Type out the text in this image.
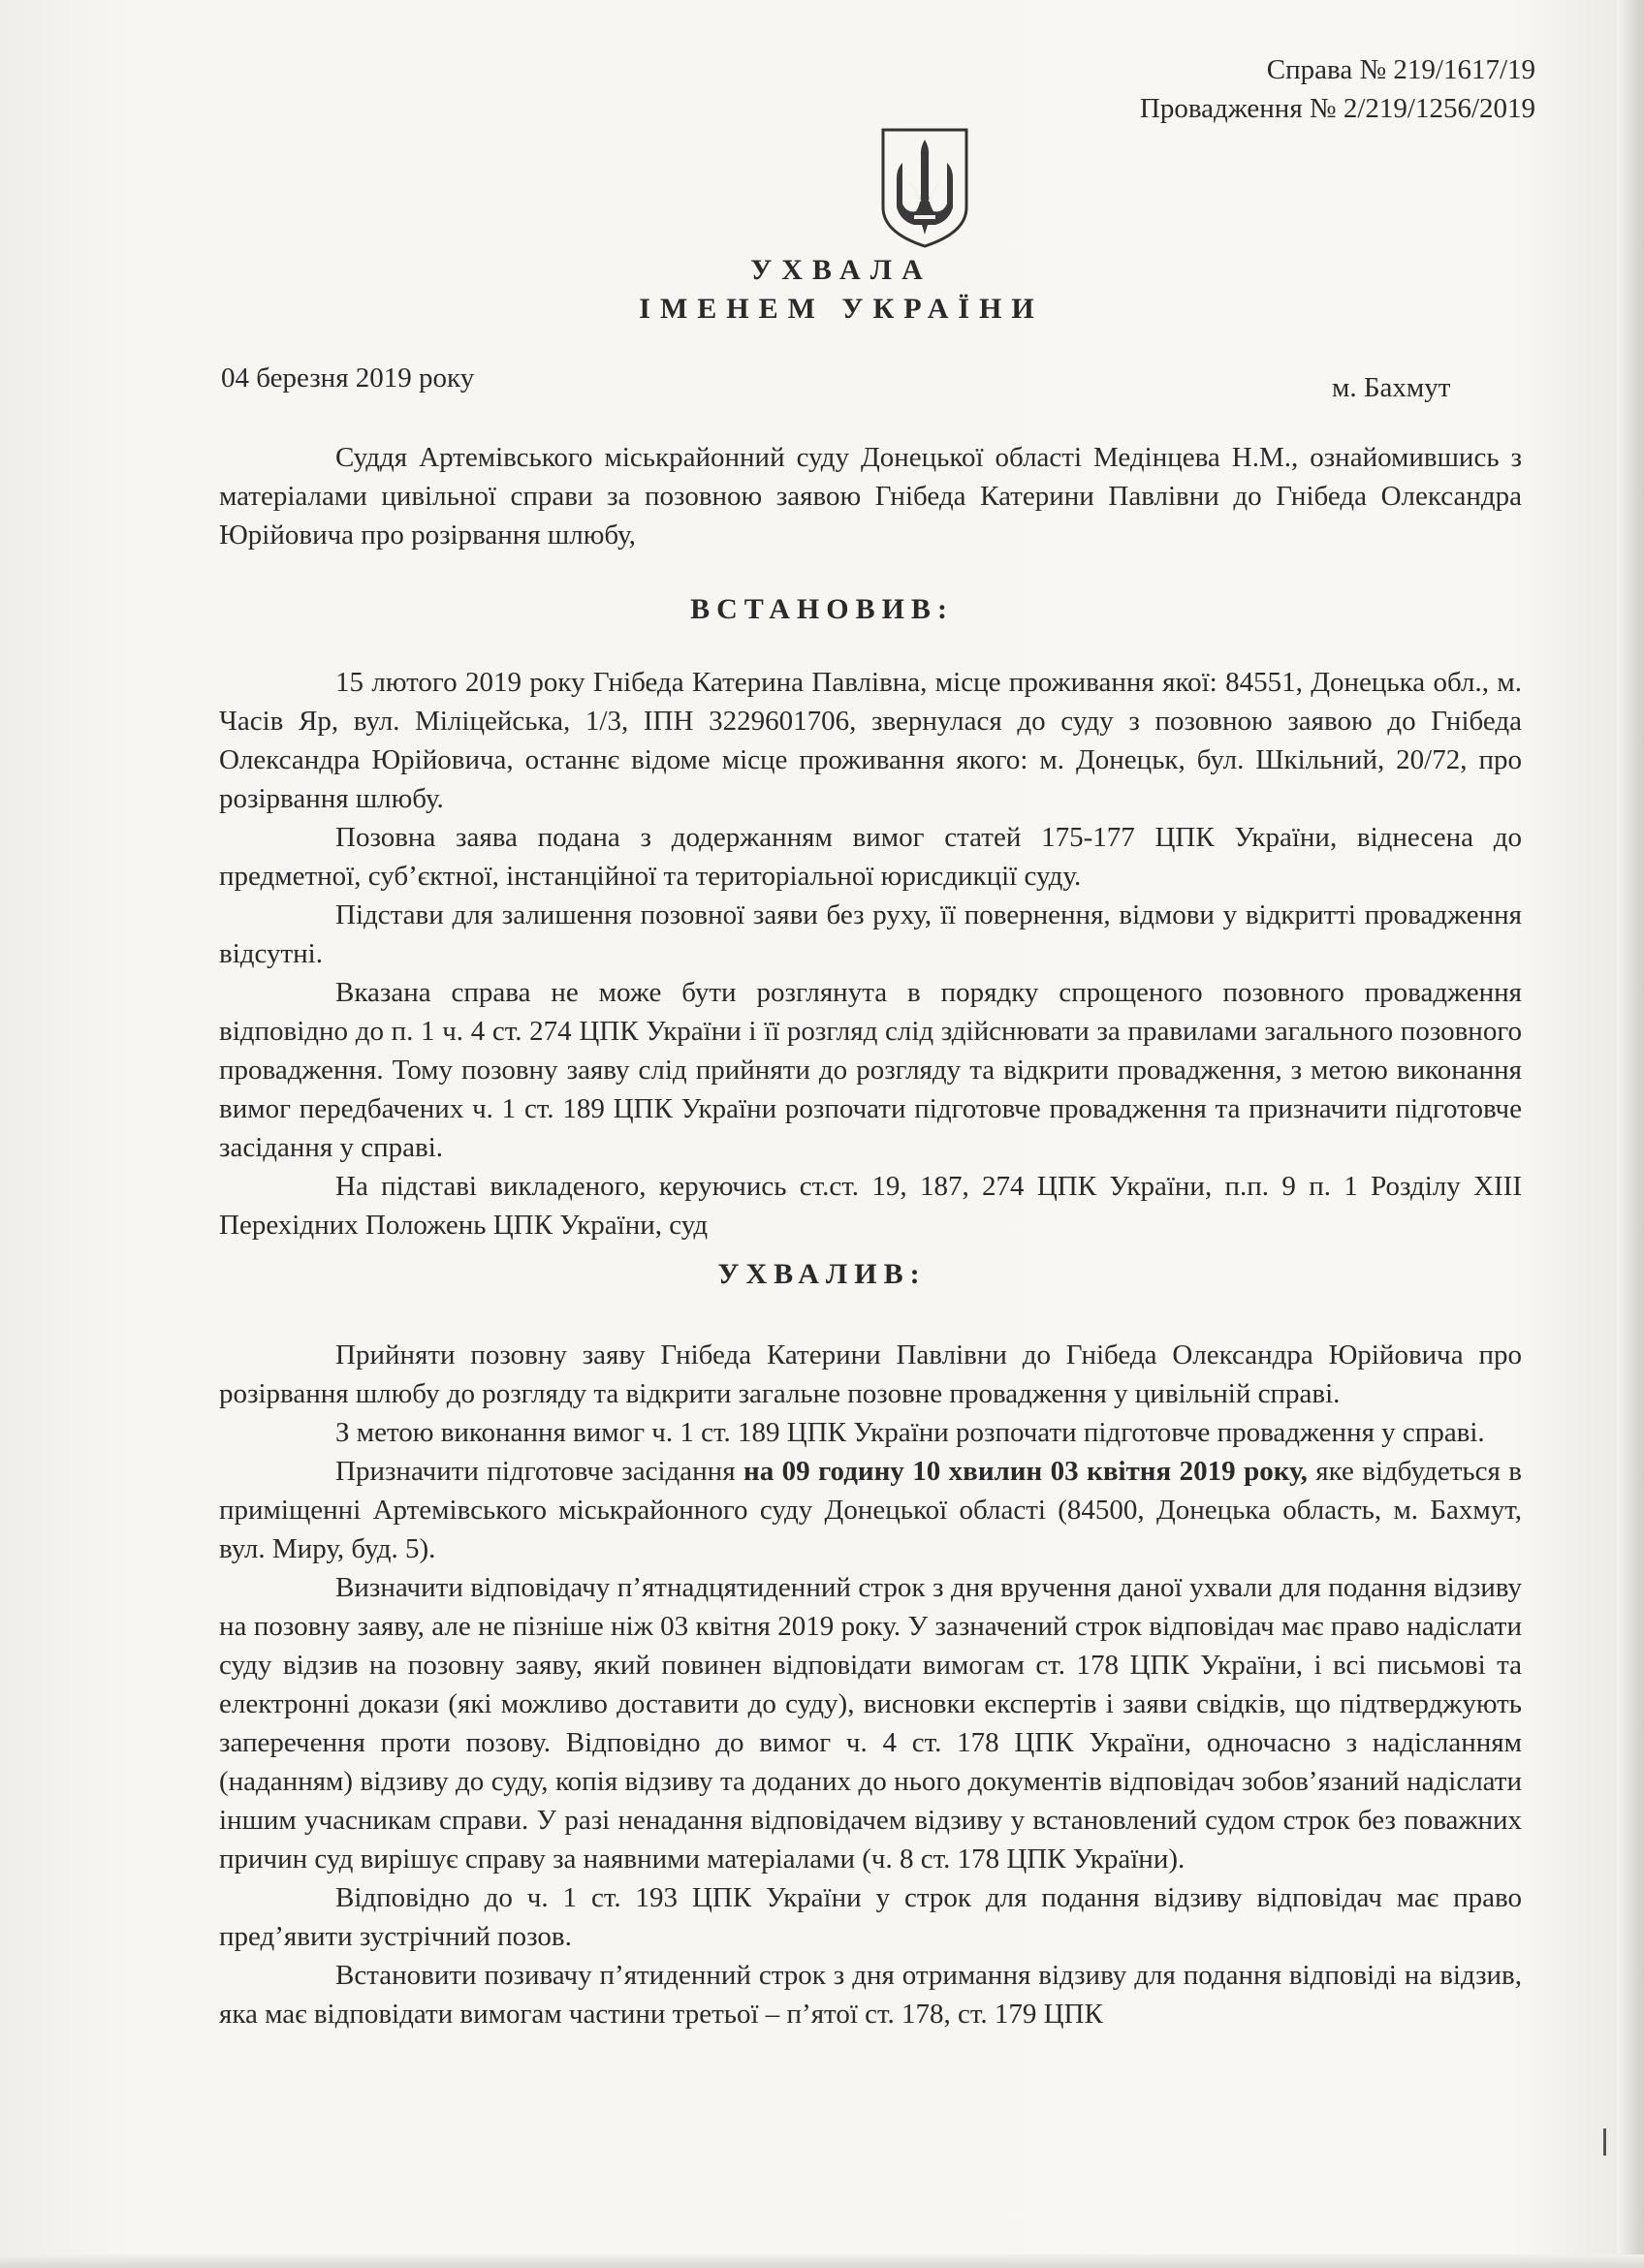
Справа № 219/1617/19
Провадження № 2/219/1256/2019
УХВАЛА
ІМЕНЕМ УКРАЇНИ
04 березня 2019 року	м. Бахмут

Суддя Артемівського міськрайонний суду Донецької області Медінцева Н.М., ознайомившись з матеріалами цивільної справи за позовною заявою Гнібеда Катерини Павлівни до Гнібеда Олександра Юрійовича про розірвання шлюбу,

ВСТАНОВИВ:

15 лютого 2019 року Гнібеда Катерина Павлівна, місце проживання якої: 84551, Донецька обл., м. Часів Яр, вул. Міліцейська, 1/3, ІПН 3229601706, звернулася до суду з позовною заявою до Гнібеда Олександра Юрійовича, останнє відоме місце проживання якого: м. Донецьк, бул. Шкільний, 20/72, про розірвання шлюбу.

Позовна заява подана з додержанням вимог статей 175-177 ЦПК України, віднесена до предметної, суб’єктної, інстанційної та територіальної юрисдикції суду.

Підстави для залишення позовної заяви без руху, її повернення, відмови у відкритті провадження відсутні.

Вказана справа не може бути розглянута в порядку спрощеного позовного провадження відповідно до п. 1 ч. 4 ст. 274 ЦПК України і її розгляд слід здійснювати за правилами загального позовного провадження. Тому позовну заяву слід прийняти до розгляду та відкрити провадження, з метою виконання вимог передбачених ч. 1 ст. 189 ЦПК України розпочати підготовче провадження та призначити підготовче засідання у справі.

На підставі викладеного, керуючись ст.ст. 19, 187, 274 ЦПК України, п.п. 9 п. 1 Розділу XIII Перехідних Положень ЦПК України, суд

УХВАЛИВ:

Прийняти позовну заяву Гнібеда Катерини Павлівни до Гнібеда Олександра Юрійовича про розірвання шлюбу до розгляду та відкрити загальне позовне провадження у цивільній справі.

З метою виконання вимог ч. 1 ст. 189 ЦПК України розпочати підготовче провадження у справі.

Призначити підготовче засідання на 09 годину 10 хвилин 03 квітня 2019 року, яке відбудеться в приміщенні Артемівського міськрайонного суду Донецької області (84500, Донецька область, м. Бахмут, вул. Миру, буд. 5).

Визначити відповідачу п’ятнадцятиденний строк з дня вручення даної ухвали для подання відзиву на позовну заяву, але не пізніше ніж 03 квітня 2019 року. У зазначений строк відповідач має право надіслати суду відзив на позовну заяву, який повинен відповідати вимогам ст. 178 ЦПК України, і всі письмові та електронні докази (які можливо доставити до суду), висновки експертів і заяви свідків, що підтверджують заперечення проти позову. Відповідно до вимог ч. 4 ст. 178 ЦПК України, одночасно з надісланням (наданням) відзиву до суду, копія відзиву та доданих до нього документів відповідач зобов’язаний надіслати іншим учасникам справи. У разі ненадання відповідачем відзиву у встановлений судом строк без поважних причин суд вирішує справу за наявними матеріалами (ч. 8 ст. 178 ЦПК України).

Відповідно до ч. 1 ст. 193 ЦПК України у строк для подання відзиву відповідач має право пред’явити зустрічний позов.

Встановити позивачу п’ятиденний строк з дня отримання відзиву для подання відповіді на відзив, яка має відповідати вимогам частини третьої – п’ятої ст. 178, ст. 179 ЦПК
